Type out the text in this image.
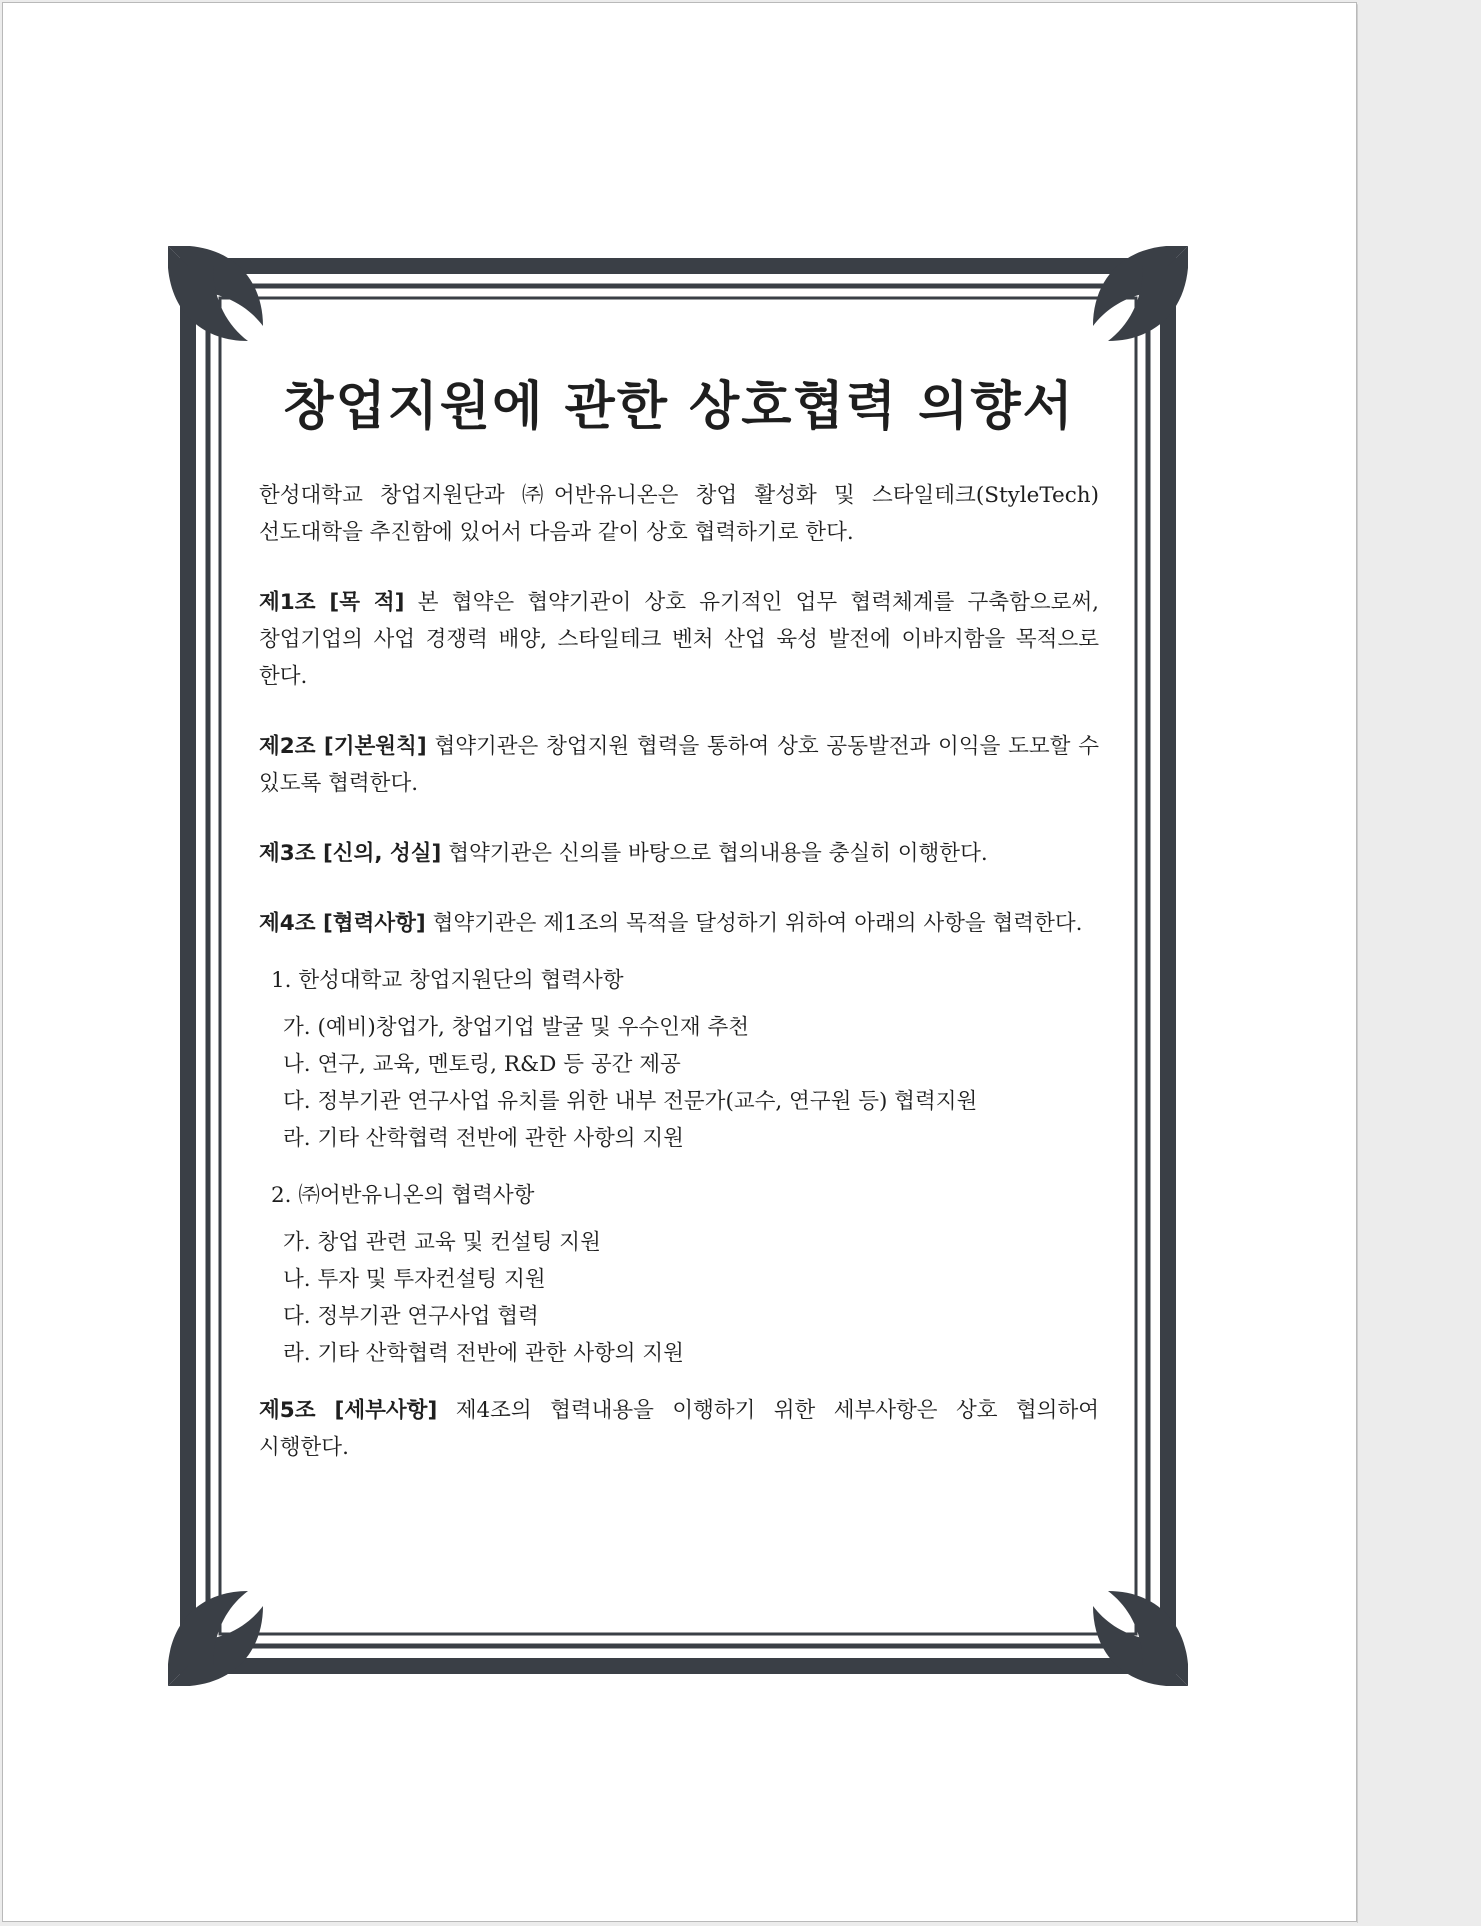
창업지원에 관한 상호협력 의향서

한성대학교 창업지원단과 ㈜어반유니온은 창업 활성화 및 스타일테크(StyleTech) 선도대학을 추진함에 있어서 다음과 같이 상호 협력하기로 한다.

제1조 [목 적] 본 협약은 협약기관이 상호 유기적인 업무 협력체계를 구축함으로써, 창업기업의 사업 경쟁력 배양, 스타일테크 벤처 산업 육성 발전에 이바지함을 목적으로 한다.

제2조 [기본원칙] 협약기관은 창업지원 협력을 통하여 상호 공동발전과 이익을 도모할 수 있도록 협력한다.

제3조 [신의, 성실] 협약기관은 신의를 바탕으로 협의내용을 충실히 이행한다.

제4조 [협력사항] 협약기관은 제1조의 목적을 달성하기 위하여 아래의 사항을 협력한다.

1. 한성대학교 창업지원단의 협력사항
가. (예비)창업가, 창업기업 발굴 및 우수인재 추천
나. 연구, 교육, 멘토링, R&D 등 공간 제공
다. 정부기관 연구사업 유치를 위한 내부 전문가(교수, 연구원 등) 협력지원
라. 기타 산학협력 전반에 관한 사항의 지원
2. ㈜어반유니온의 협력사항
가. 창업 관련 교육 및 컨설팅 지원
나. 투자 및 투자컨설팅 지원
다. 정부기관 연구사업 협력
라. 기타 산학협력 전반에 관한 사항의 지원

제5조 [세부사항] 제4조의 협력내용을 이행하기 위한 세부사항은 상호 협의하여 시행한다.
